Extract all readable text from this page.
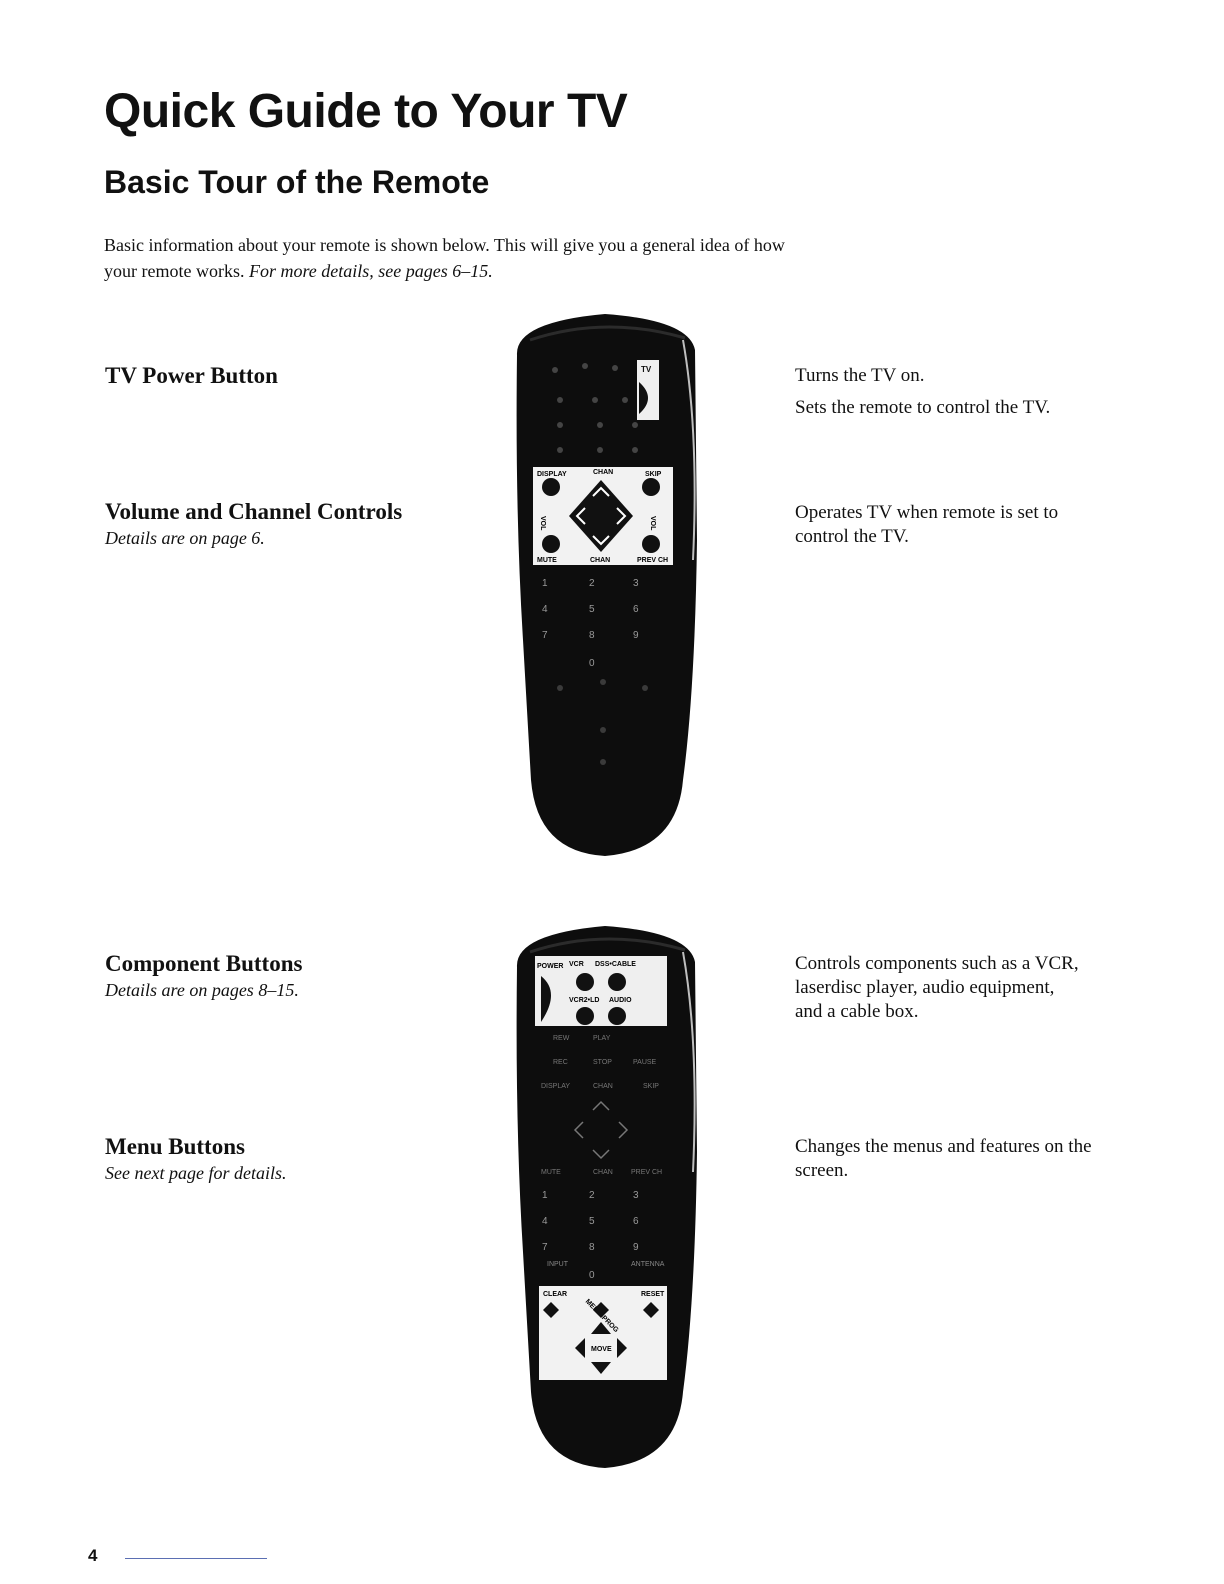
Quick Guide to Your TV
Basic Tour of the Remote

Basic information about your remote is shown below. This will give you a general idea of how your remote works. For more details, see pages 6–15.

TV Power Button
Volume and Channel Controls
Details are on page 6.
Component Buttons
Details are on pages 8–15.
Menu Buttons
See next page for details.
Turns the TV on.
Sets the remote to control the TV.
Operates TV when remote is set to control the TV.
Controls components such as a VCR, laserdisc player, audio equipment, and a cable box.
Changes the menus and features on the screen.
TV
DISPLAY	CHAN	SKIP
VOL	VOL
MUTE	CHAN	PREV CH
1	2	3
4	5	6
7	8	9
0
POWER VCR DSS•CABLE
VCR2•LD AUDIO
REW	PLAY
REC	STOP	PAUSE
DISPLAY	CHAN	SKIP
MUTE	CHAN	PREV CH
1	2	3
4	5	6
7	8	9
0
INPUT	ANTENNA
CLEAR	RESET
MOVE
4
